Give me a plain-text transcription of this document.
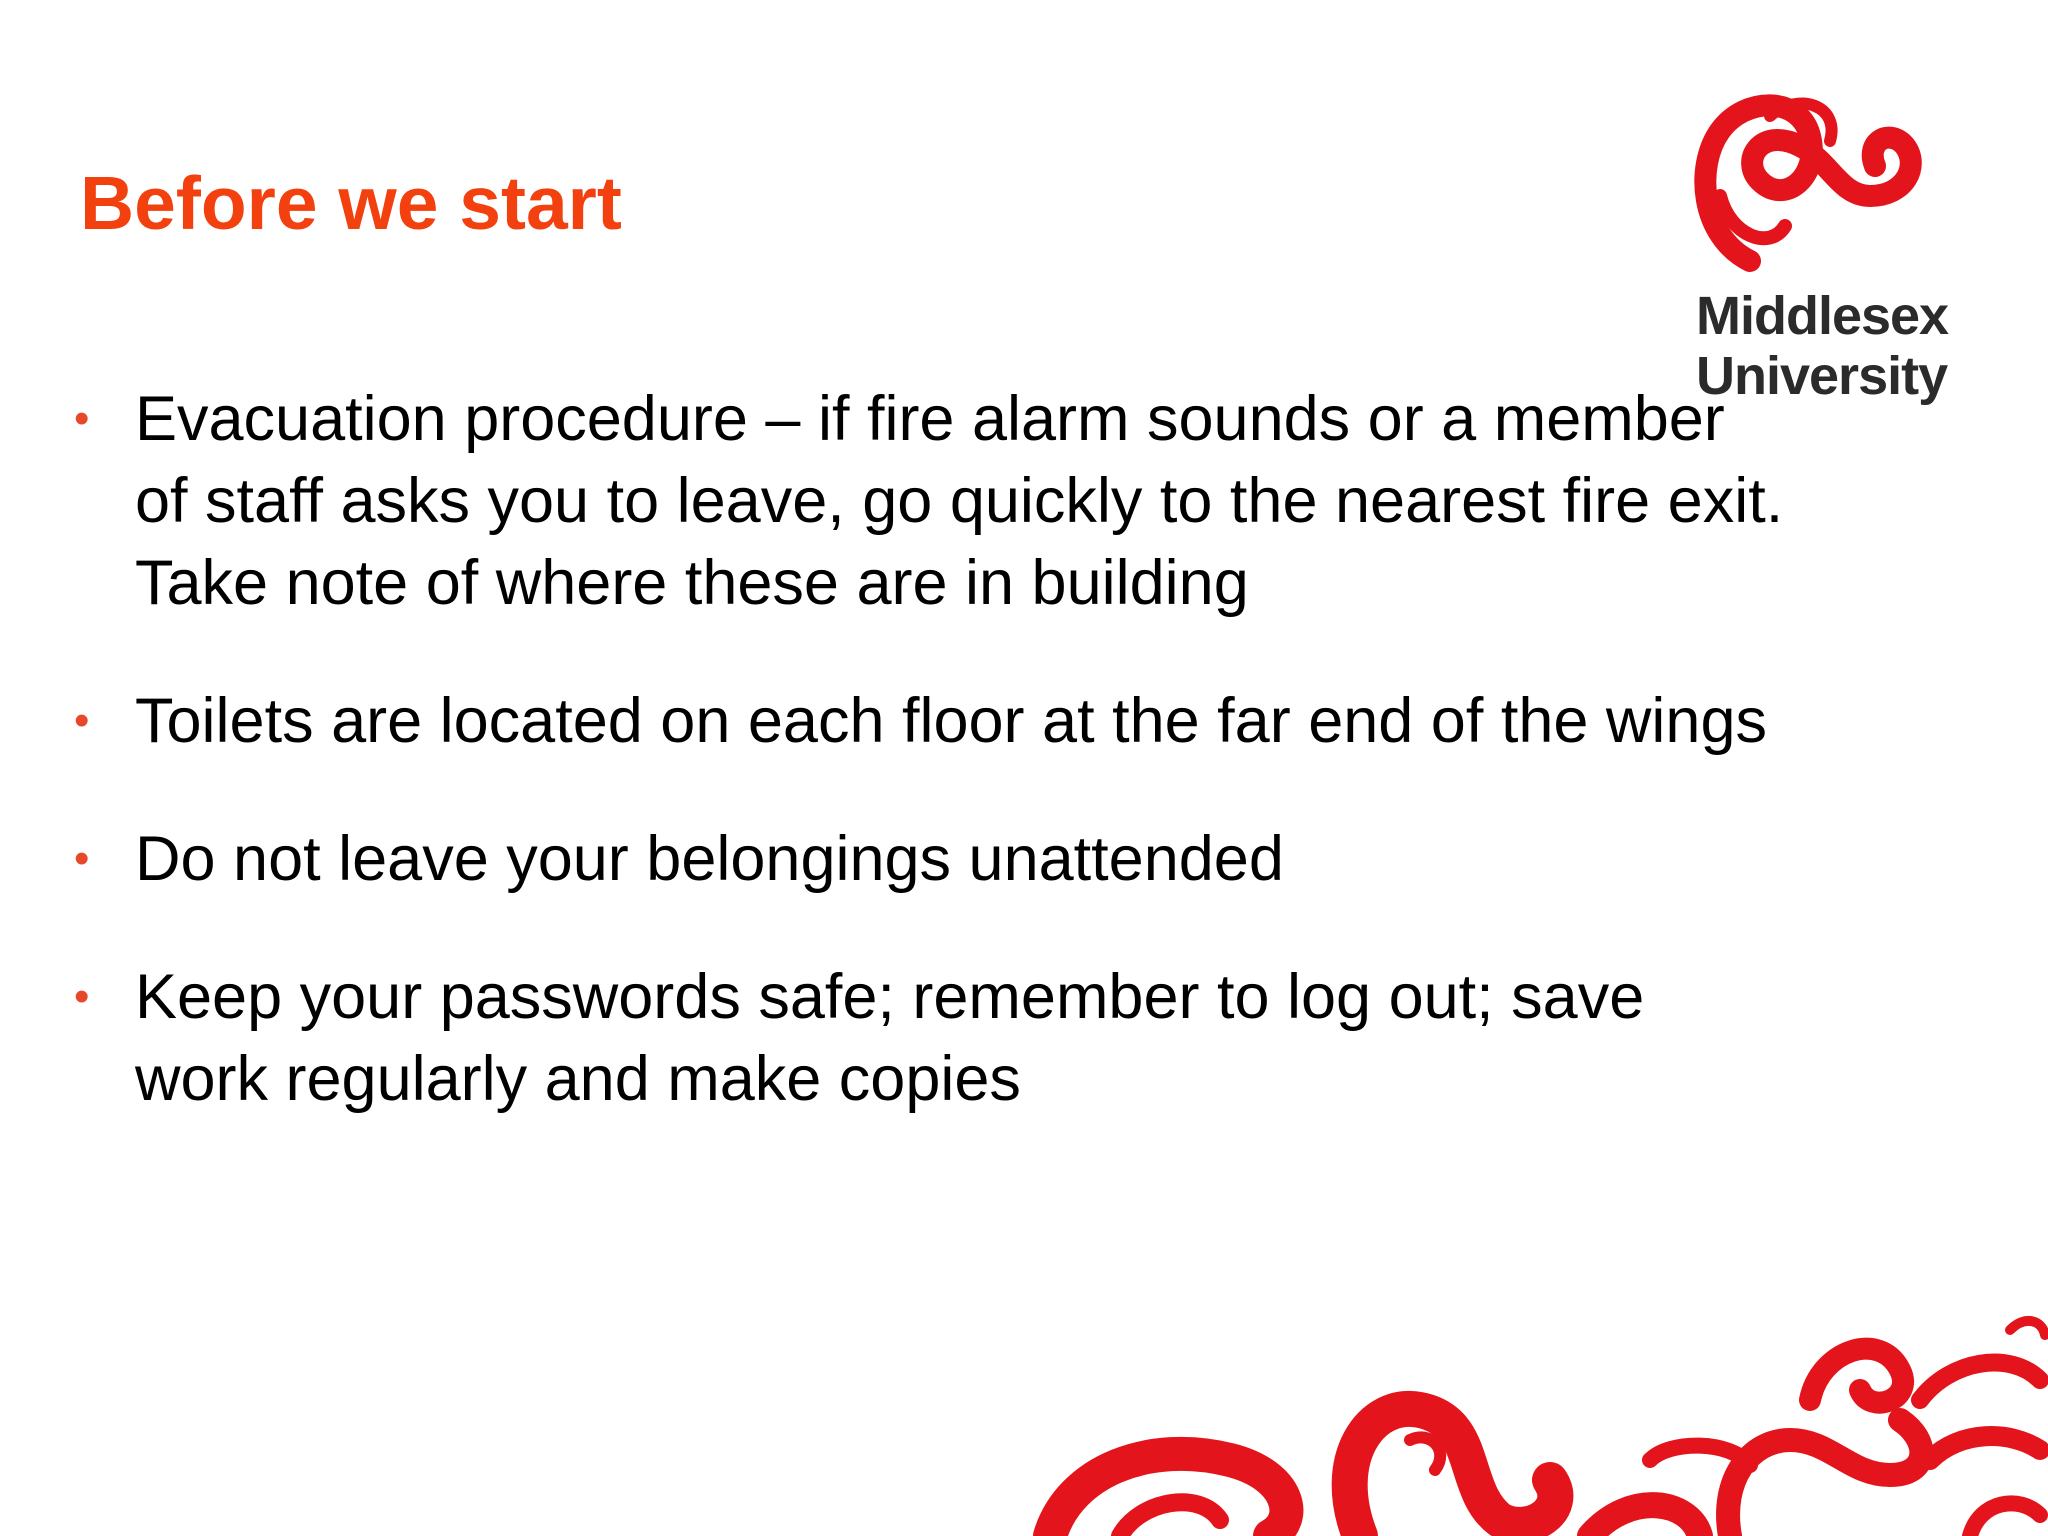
Before we start
Middlesex
University
• Evacuation procedure – if fire alarm sounds or a member of staff asks you to leave, go quickly to the nearest fire exit. Take note of where these are in building
• Toilets are located on each floor at the far end of the wings
• Do not leave your belongings unattended
• Keep your passwords safe; remember to log out; save work regularly and make copies
